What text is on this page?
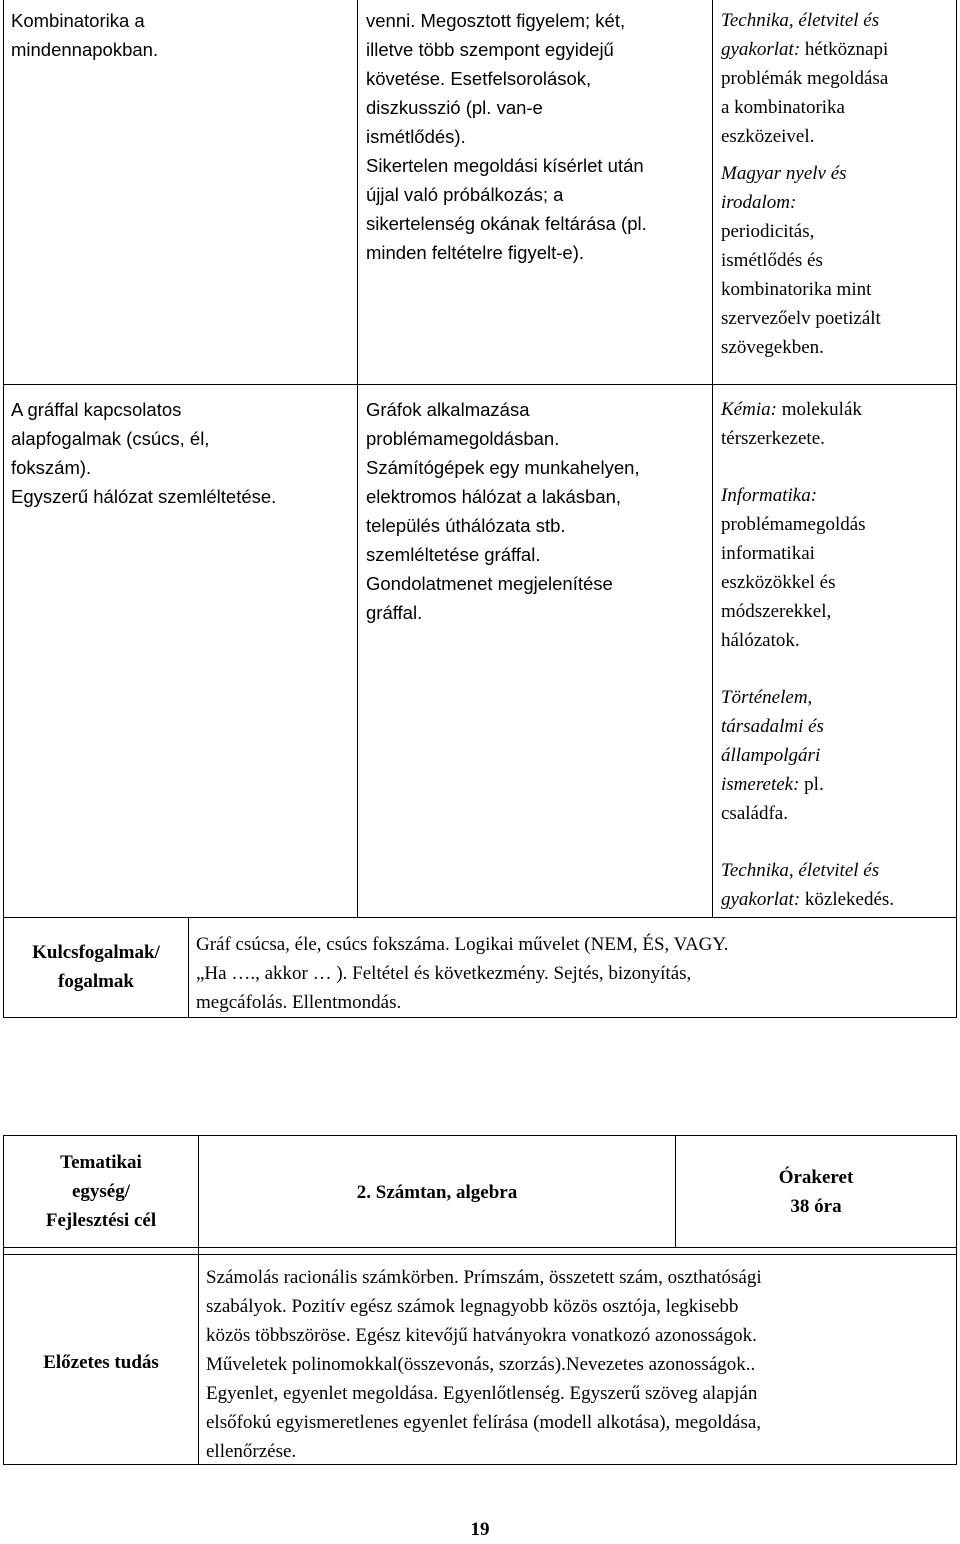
Kombinatorika a
mindennapokban.
venni. Megosztott figyelem; két,
illetve több szempont egyidejű
követése. Esetfelsorolások,
diszkusszió (pl. van-e
ismétlődés).
Sikertelen megoldási kísérlet után
újjal való próbálkozás; a
sikertelenség okának feltárása (pl.
minden feltételre figyelt-e).
Technika, életvitel és
gyakorlat: hétköznapi
problémák megoldása
a kombinatorika
eszközeivel.
Magyar nyelv és
irodalom:
periodicitás,
ismétlődés és
kombinatorika mint
szervezőelv poetizált
szövegekben.
A gráffal kapcsolatos
alapfogalmak (csúcs, él,
fokszám).
Egyszerű hálózat szemléltetése.
Gráfok alkalmazása
problémamegoldásban.
Számítógépek egy munkahelyen,
elektromos hálózat a lakásban,
település úthálózata stb.
szemléltetése gráffal.
Gondolatmenet megjelenítése
gráffal.
Kémia: molekulák
térszerkezete.
Informatika:
problémamegoldás
informatikai
eszközökkel és
módszerekkel,
hálózatok.
Történelem,
társadalmi és
állampolgári
ismeretek: pl.
családfa.
Technika, életvitel és
gyakorlat: közlekedés.
Kulcsfogalmak/
fogalmak
Gráf csúcsa, éle, csúcs fokszáma. Logikai művelet (NEM, ÉS, VAGY.
„Ha …., akkor … ). Feltétel és következmény. Sejtés, bizonyítás,
megcáfolás. Ellentmondás.
Tematikai
egység/
Fejlesztési cél
2. Számtan, algebra
Órakeret
38 óra
Előzetes tudás
Számolás racionális számkörben. Prímszám, összetett szám, oszthatósági
szabályok. Pozitív egész számok legnagyobb közös osztója, legkisebb
közös többszöröse. Egész kitevőjű hatványokra vonatkozó azonosságok.
Műveletek polinomokkal(összevonás, szorzás).Nevezetes azonosságok..
Egyenlet, egyenlet megoldása. Egyenlőtlenség. Egyszerű szöveg alapján
elsőfokú egyismeretlenes egyenlet felírása (modell alkotása), megoldása,
ellenőrzése.
19
